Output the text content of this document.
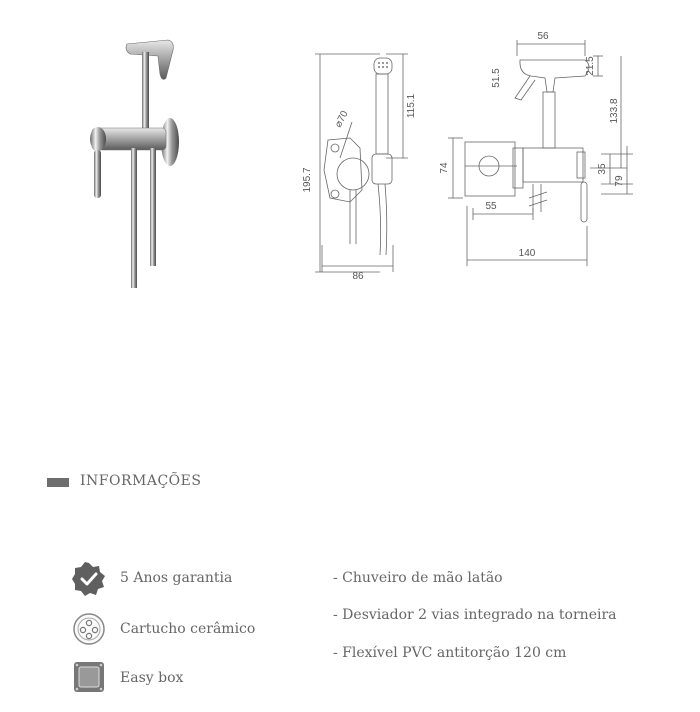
195.7
⌀70
115.1
86
56
51.5
21.5
133.8
74
55
35
79
140
INFORMAÇÕES
5 Anos garantia
Cartucho cerâmico
Easy box
- Chuveiro de mão latão
- Desviador 2 vias integrado na torneira
- Flexível PVC antitorção 120 cm
